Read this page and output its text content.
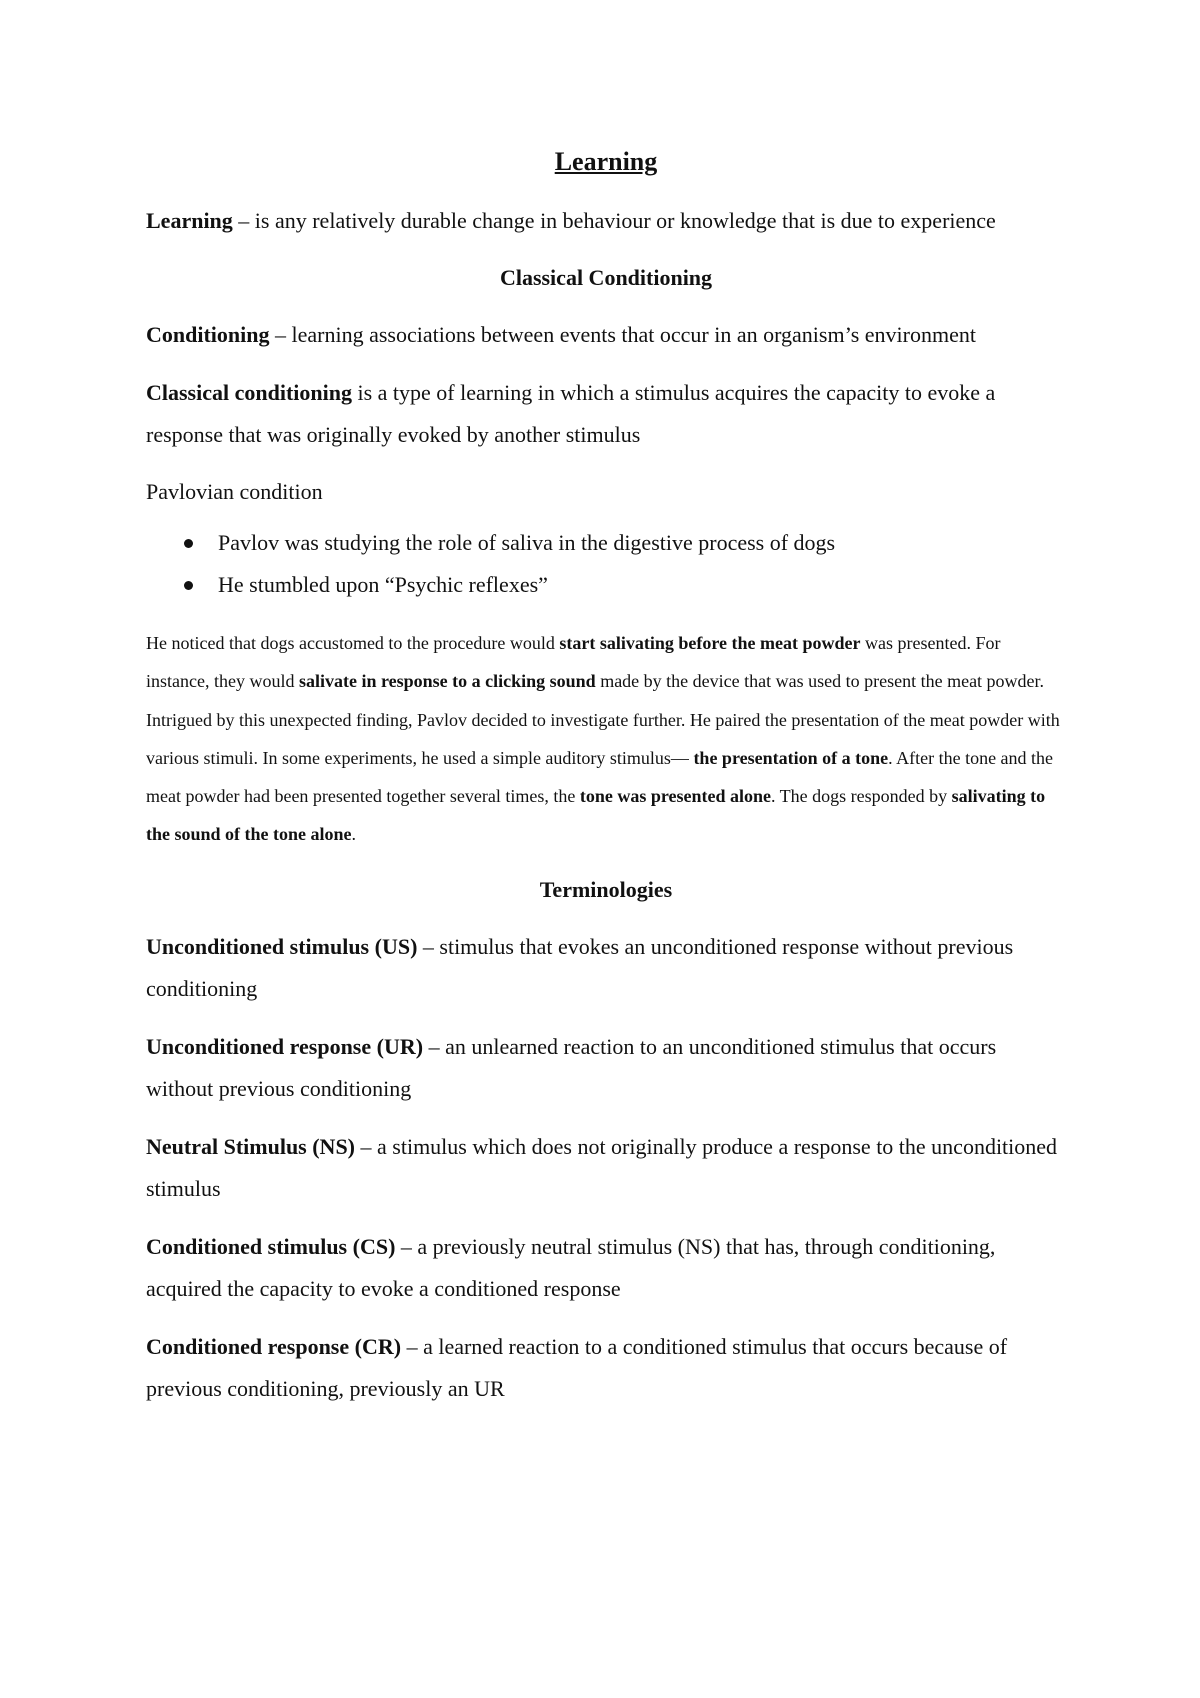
Learning
Learning – is any relatively durable change in behaviour or knowledge that is due to experience
Classical Conditioning
Conditioning – learning associations between events that occur in an organism’s environment
Classical conditioning is a type of learning in which a stimulus acquires the capacity to evoke a response that was originally evoked by another stimulus
Pavlovian condition
Pavlov was studying the role of saliva in the digestive process of dogs
He stumbled upon “Psychic reflexes”
He noticed that dogs accustomed to the procedure would start salivating before the meat powder was presented. For instance, they would salivate in response to a clicking sound made by the device that was used to present the meat powder. Intrigued by this unexpected finding, Pavlov decided to investigate further. He paired the presentation of the meat powder with various stimuli. In some experiments, he used a simple auditory stimulus— the presentation of a tone. After the tone and the meat powder had been presented together several times, the tone was presented alone. The dogs responded by salivating to the sound of the tone alone.
Terminologies
Unconditioned stimulus (US) – stimulus that evokes an unconditioned response without previous conditioning
Unconditioned response (UR) – an unlearned reaction to an unconditioned stimulus that occurs without previous conditioning
Neutral Stimulus (NS) – a stimulus which does not originally produce a response to the unconditioned stimulus
Conditioned stimulus (CS) – a previously neutral stimulus (NS) that has, through conditioning, acquired the capacity to evoke a conditioned response
Conditioned response (CR) – a learned reaction to a conditioned stimulus that occurs because of previous conditioning, previously an UR
